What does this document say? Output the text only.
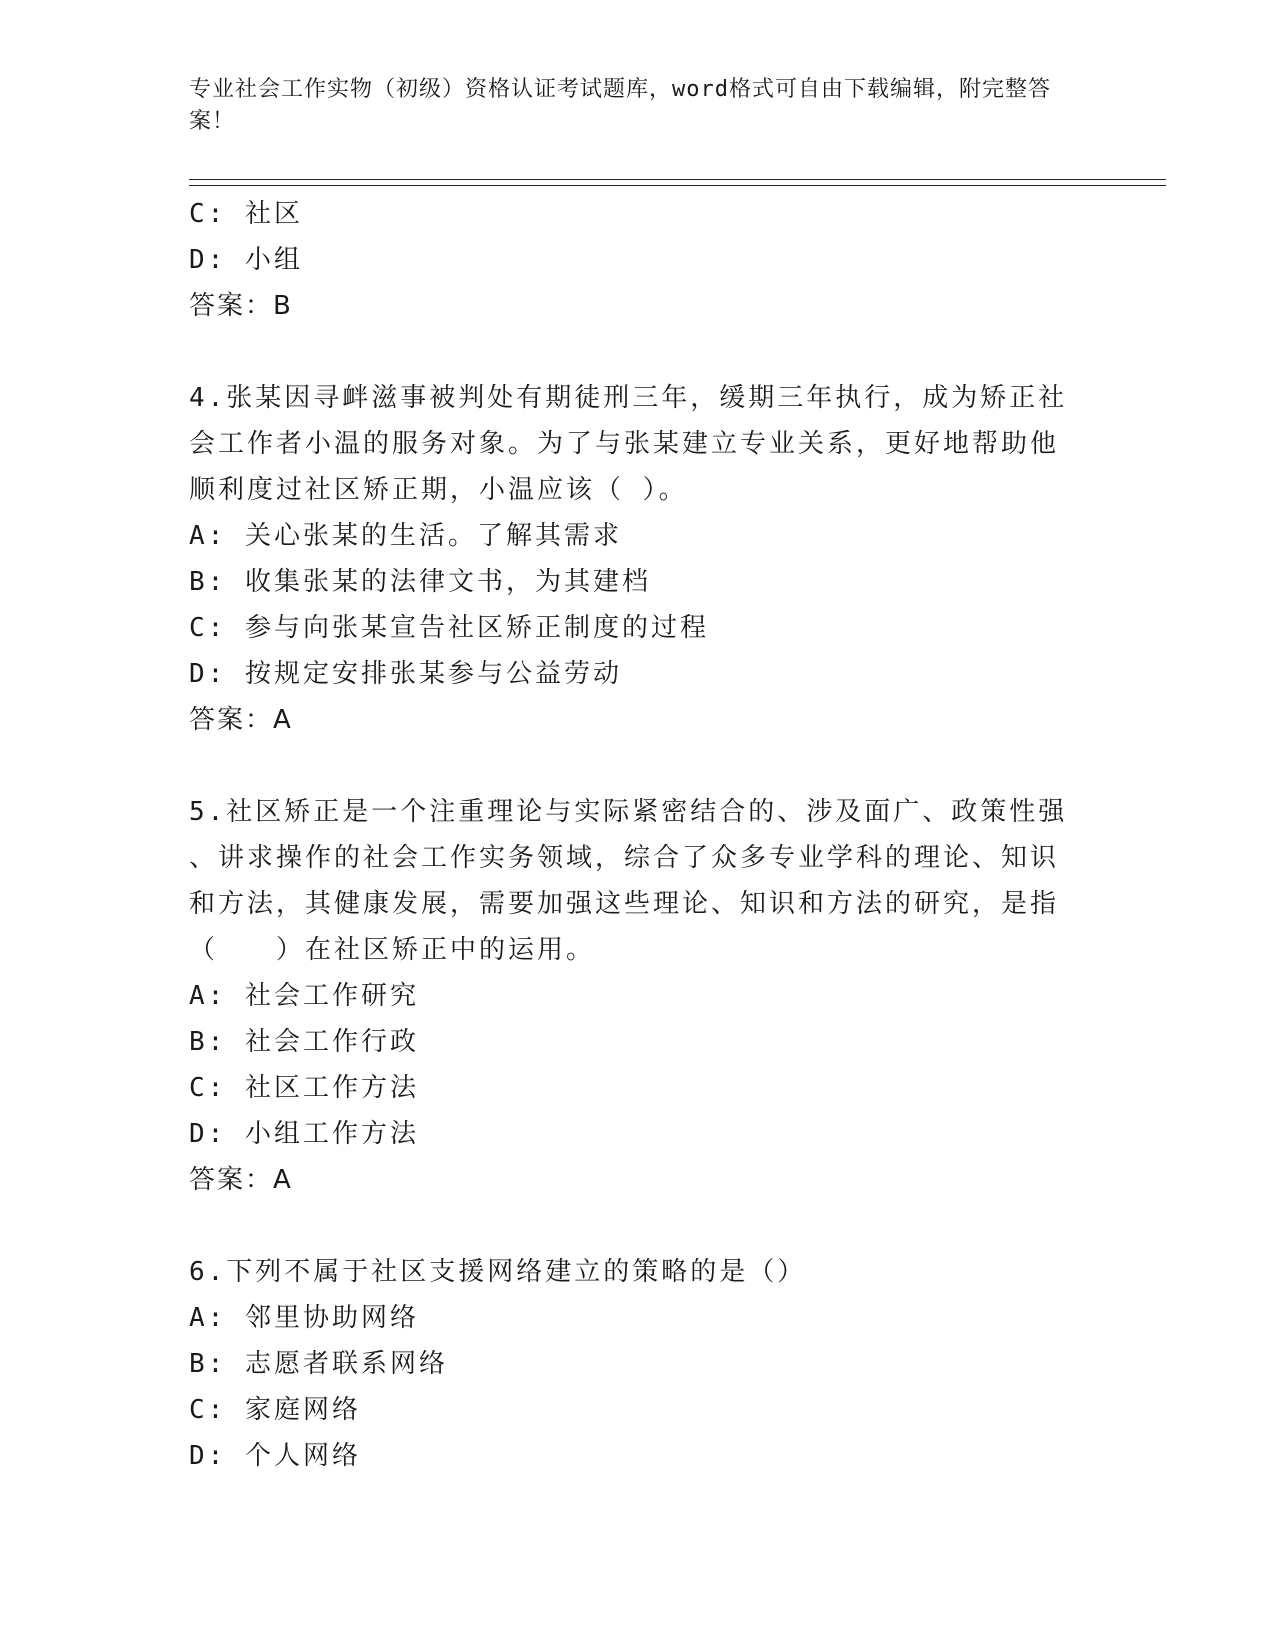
专业社会工作实物（初级）资格认证考试题库，word格式可自由下载编辑，附完整答案！
C: 社区
D: 小组
答案：B
4.张某因寻衅滋事被判处有期徒刑三年，缓期三年执行，成为矫正社
会工作者小温的服务对象。为了与张某建立专业关系，更好地帮助他
顺利度过社区矫正期，小温应该（ ）。
A: 关心张某的生活。了解其需求
B: 收集张某的法律文书，为其建档
C: 参与向张某宣告社区矫正制度的过程
D: 按规定安排张某参与公益劳动
答案：A
5.社区矫正是一个注重理论与实际紧密结合的、涉及面广、政策性强
、讲求操作的社会工作实务领域，综合了众多专业学科的理论、知识
和方法，其健康发展，需要加强这些理论、知识和方法的研究，是指
（　　）在社区矫正中的运用。
A: 社会工作研究
B: 社会工作行政
C: 社区工作方法
D: 小组工作方法
答案：A
6.下列不属于社区支援网络建立的策略的是（）
A: 邻里协助网络
B: 志愿者联系网络
C: 家庭网络
D: 个人网络
